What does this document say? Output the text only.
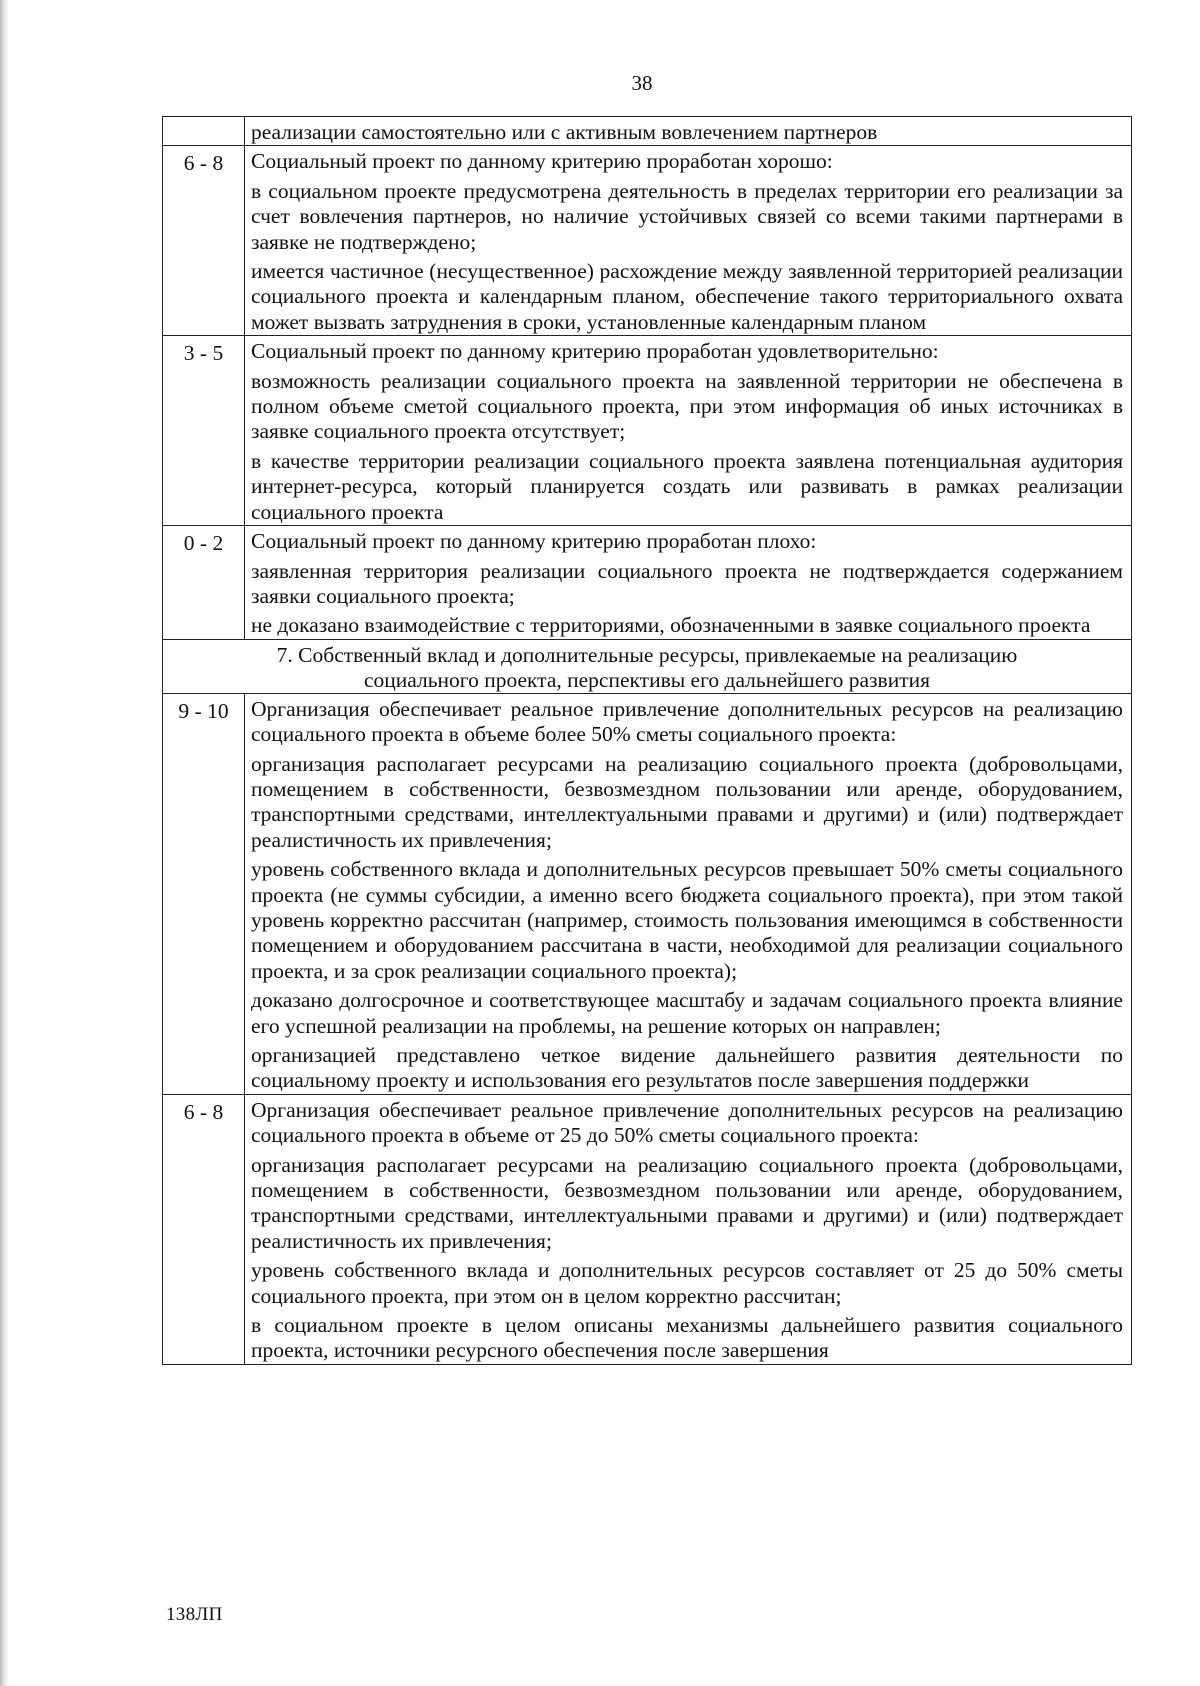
38

	реализации самостоятельно или с активным вовлечением партнеров

6 - 8	Социальный проект по данному критерию проработан хорошо:

в социальном проекте предусмотрена деятельность в пределах территории его реализации за счет вовлечения партнеров, но наличие устойчивых связей со всеми такими партнерами в заявке не подтверждено;

имеется частичное (несущественное) расхождение между заявленной территорией реализации социального проекта и календарным планом, обеспечение такого территориального охвата может вызвать затруднения в сроки, установленные календарным планом

3 - 5	Социальный проект по данному критерию проработан удовлетворительно:

возможность реализации социального проекта на заявленной территории не обеспечена в полном объеме сметой социального проекта, при этом информация об иных источниках в заявке социального проекта отсутствует;

в качестве территории реализации социального проекта заявлена потенциальная аудитория интернет-ресурса, который планируется создать или развивать в рамках реализации социального проекта

0 - 2	Социальный проект по данному критерию проработан плохо:

заявленная территория реализации социального проекта не подтверждается содержанием заявки социального проекта;

не доказано взаимодействие с территориями, обозначенными в заявке социального проекта

7. Собственный вклад и дополнительные ресурсы, привлекаемые на реализацию
социального проекта, перспективы его дальнейшего развития	

9 - 10	Организация обеспечивает реальное привлечение дополнительных ресурсов на реализацию социального проекта в объеме более 50% сметы социального проекта:

организация располагает ресурсами на реализацию социального проекта (добровольцами, помещением в собственности, безвозмездном пользовании или аренде, оборудованием, транспортными средствами, интеллектуальными правами и другими) и (или) подтверждает реалистичность их привлечения;

уровень собственного вклада и дополнительных ресурсов превышает 50% сметы социального проекта (не суммы субсидии, а именно всего бюджета социального проекта), при этом такой уровень корректно рассчитан (например, стоимость пользования имеющимся в собственности помещением и оборудованием рассчитана в части, необходимой для реализации социального проекта, и за срок реализации социального проекта);

доказано долгосрочное и соответствующее масштабу и задачам социального проекта влияние его успешной реализации на проблемы, на решение которых он направлен;

организацией представлено четкое видение дальнейшего развития деятельности по социальному проекту и использования его результатов после завершения поддержки

6 - 8	Организация обеспечивает реальное привлечение дополнительных ресурсов на реализацию социального проекта в объеме от 25 до 50% сметы социального проекта:

организация располагает ресурсами на реализацию социального проекта (добровольцами, помещением в собственности, безвозмездном пользовании или аренде, оборудованием, транспортными средствами, интеллектуальными правами и другими) и (или) подтверждает реалистичность их привлечения;

уровень собственного вклада и дополнительных ресурсов составляет от 25 до 50% сметы социального проекта, при этом он в целом корректно рассчитан;

в социальном проекте в целом описаны механизмы дальнейшего развития социального проекта, источники ресурсного обеспечения после завершения

138ЛП
